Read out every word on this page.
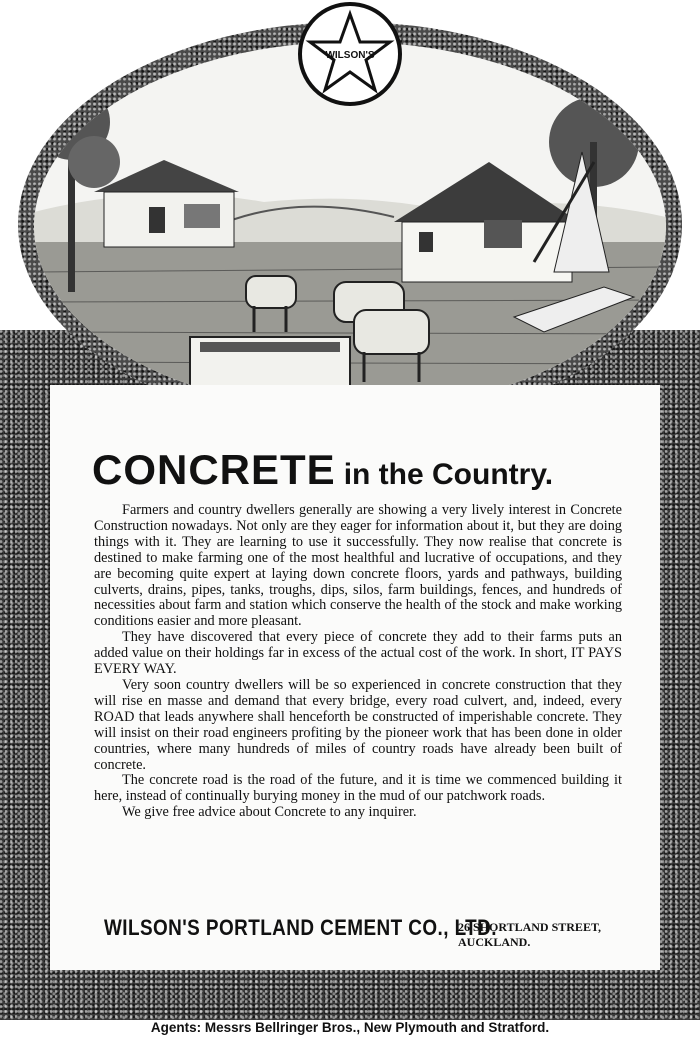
WILSON'S
CONCRETE in the Country.

Farmers and country dwellers generally are showing a very lively interest in Concrete Construction nowadays. Not only are they eager for information about it, but they are doing things with it. They are learning to use it successfully. They now realise that concrete is destined to make farming one of the most healthful and lucrative of occupations, and they are becoming quite expert at laying down concrete floors, yards and pathways, building culverts, drains, pipes, tanks, troughs, dips, silos, farm buildings, fences, and hundreds of necessities about farm and station which conserve the health of the stock and make working conditions easier and more pleasant.

They have discovered that every piece of concrete they add to their farms puts an added value on their holdings far in excess of the actual cost of the work. In short, IT PAYS EVERY WAY.

Very soon country dwellers will be so experienced in concrete construction that they will rise en masse and demand that every bridge, every road culvert, and, indeed, every ROAD that leads anywhere shall henceforth be constructed of imperishable concrete. They will insist on their road engineers profiting by the pioneer work that has been done in older countries, where many hundreds of miles of country roads have already been built of concrete.

The concrete road is the road of the future, and it is time we commenced building it here, instead of continually burying money in the mud of our patchwork roads.

We give free advice about Concrete to any inquirer.

WILSON'S PORTLAND CEMENT CO., LTD.
26 SHORTLAND STREET,
AUCKLAND.
Agents: Messrs Bellringer Bros., New Plymouth and Stratford.
